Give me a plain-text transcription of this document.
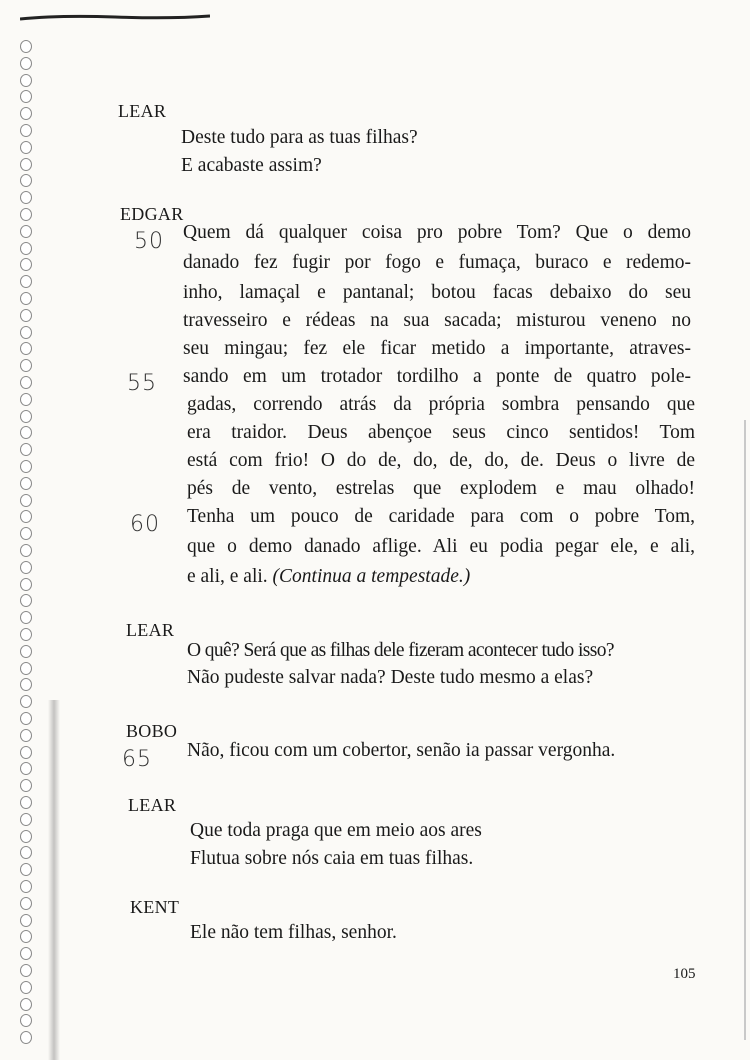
LEAR
Deste tudo para as tuas filhas?
E acabaste assim?
EDGAR
50 Quem dá qualquer coisa pro pobre Tom? Que o demo
danado fez fugir por fogo e fumaça, buraco e redemo-
inho, lamaçal e pantanal; botou facas debaixo do seu
travesseiro e rédeas na sua sacada; misturou veneno no
seu mingau; fez ele ficar metido a importante, atraves-
55 sando em um trotador tordilho a ponte de quatro pole-
gadas, correndo atrás da própria sombra pensando que
era traidor. Deus abençoe seus cinco sentidos! Tom
está com frio! O do de, do, de, do, de. Deus o livre de
pés de vento, estrelas que explodem e mau olhado!
60 Tenha um pouco de caridade para com o pobre Tom,
que o demo danado aflige. Ali eu podia pegar ele, e ali,
e ali, e ali. (Continua a tempestade.)
LEAR
O quê? Será que as filhas dele fizeram acontecer tudo isso?
Não pudeste salvar nada? Deste tudo mesmo a elas?
BOBO
65 Não, ficou com um cobertor, senão ia passar vergonha.
LEAR
Que toda praga que em meio aos ares
Flutua sobre nós caia em tuas filhas.
KENT
Ele não tem filhas, senhor.
105
